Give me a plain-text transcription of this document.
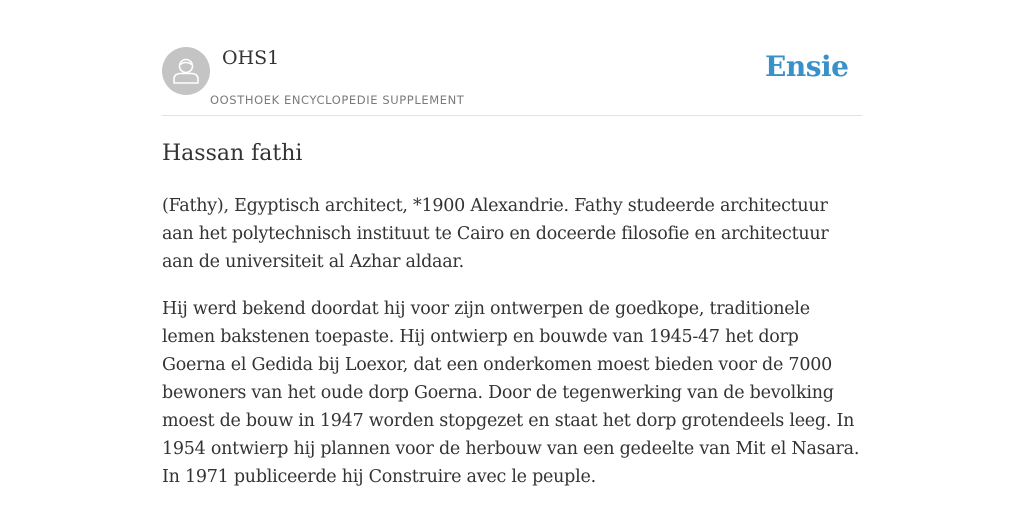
OHS1
OOSTHOEK ENCYCLOPEDIE SUPPLEMENT
Ensie
Hassan fathi

(Fathy), Egyptisch architect, *1900 Alexandrie. Fathy studeerde architectuur aan het polytechnisch instituut te Cairo en doceerde filosofie en architectuur aan de universiteit al Azhar aldaar.

Hij werd bekend doordat hij voor zijn ontwerpen de goedkope, traditionele lemen bakstenen toepaste. Hij ontwierp en bouwde van 1945-47 het dorp Goerna el Gedida bij Loexor, dat een onderkomen moest bieden voor de 7000 bewoners van het oude dorp Goerna. Door de tegenwerking van de bevolking moest de bouw in 1947 worden stopgezet en staat het dorp grotendeels leeg. In 1954 ontwierp hij plannen voor de herbouw van een gedeelte van Mit el Nasara. In 1971 publiceerde hij Construire avec le peuple.
